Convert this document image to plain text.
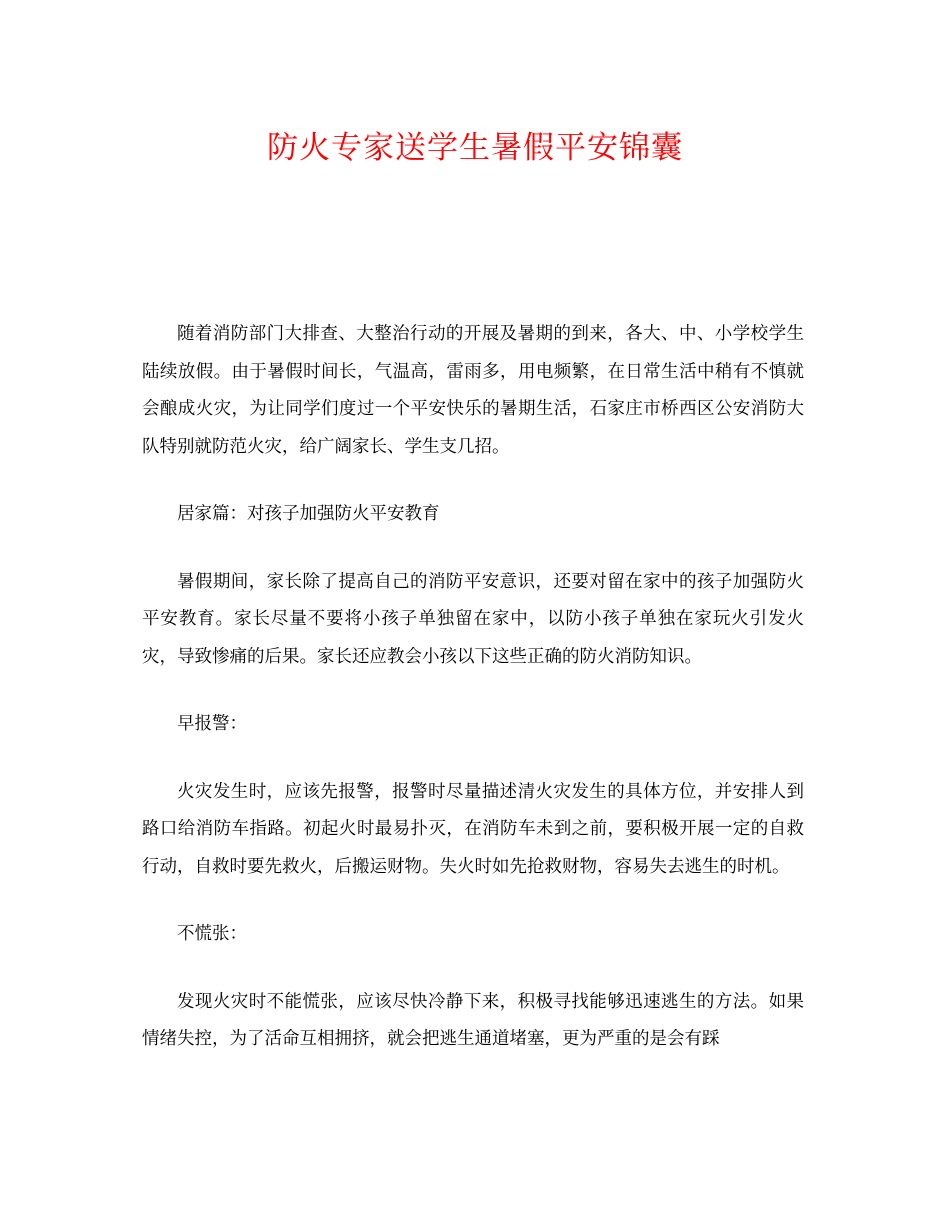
防火专家送学生暑假平安锦囊

随着消防部门大排查、大整治行动的开展及暑期的到来，各大、中、小学校学生陆续放假。由于暑假时间长，气温高，雷雨多，用电频繁，在日常生活中稍有不慎就会酿成火灾，为让同学们度过一个平安快乐的暑期生活，石家庄市桥西区公安消防大队特别就防范火灾，给广阔家长、学生支几招。

居家篇：对孩子加强防火平安教育

暑假期间，家长除了提高自己的消防平安意识，还要对留在家中的孩子加强防火平安教育。家长尽量不要将小孩子单独留在家中，以防小孩子单独在家玩火引发火灾，导致惨痛的后果。家长还应教会小孩以下这些正确的防火消防知识。

早报警：

火灾发生时，应该先报警，报警时尽量描述清火灾发生的具体方位，并安排人到路口给消防车指路。初起火时最易扑灭，在消防车未到之前，要积极开展一定的自救行动，自救时要先救火，后搬运财物。失火时如先抢救财物，容易失去逃生的时机。

不慌张：

发现火灾时不能慌张，应该尽快冷静下来，积极寻找能够迅速逃生的方法。如果情绪失控，为了活命互相拥挤，就会把逃生通道堵塞，更为严重的是会有踩
